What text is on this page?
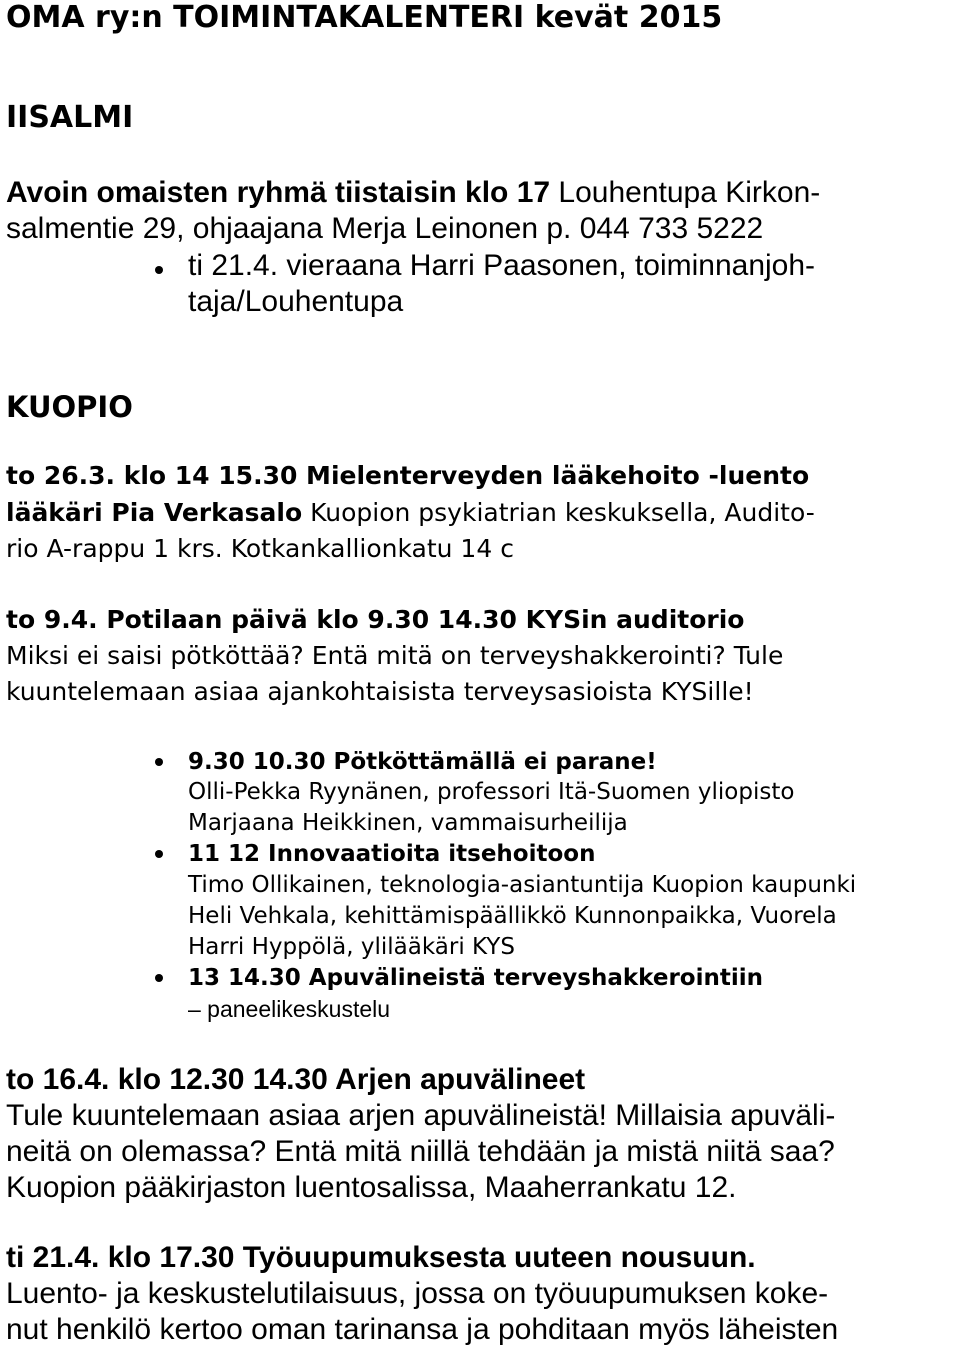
OMA ry:n TOIMINTAKALENTERI kevät 2015
IISALMI
Avoin omaisten ryhmä tiistaisin klo 17 Louhentupa Kirkon-
salmentie 29, ohjaajana Merja Leinonen p. 044 733 5222
ti 21.4. vieraana Harri Paasonen, toiminnanjoh-
taja/Louhentupa
KUOPIO
to 26.3. klo 14 15.30 Mielenterveyden lääkehoito -luento
lääkäri Pia Verkasalo Kuopion psykiatrian keskuksella, Audito-
rio A-rappu 1 krs. Kotkankallionkatu 14 c
to 9.4. Potilaan päivä klo 9.30 14.30 KYSin auditorio
Miksi ei saisi pötköttää? Entä mitä on terveyshakkerointi? Tule
kuuntelemaan asiaa ajankohtaisista terveysasioista KYSille!
9.30 10.30 Pötköttämällä ei parane!
Olli-Pekka Ryynänen, professori Itä-Suomen yliopisto
Marjaana Heikkinen, vammaisurheilija
11 12 Innovaatioita itsehoitoon
Timo Ollikainen, teknologia-asiantuntija Kuopion kaupunki
Heli Vehkala, kehittämispäällikkö Kunnonpaikka, Vuorela
Harri Hyppölä, ylilääkäri KYS
13 14.30 Apuvälineistä terveyshakkerointiin
– paneelikeskustelu
to 16.4. klo 12.30 14.30 Arjen apuvälineet
Tule kuuntelemaan asiaa arjen apuvälineistä! Millaisia apuväli-
neitä on olemassa? Entä mitä niillä tehdään ja mistä niitä saa?
Kuopion pääkirjaston luentosalissa, Maaherrankatu 12.
ti 21.4. klo 17.30 Työuupumuksesta uuteen nousuun.
Luento- ja keskustelutilaisuus, jossa on työuupumuksen koke-
nut henkilö kertoo oman tarinansa ja pohditaan myös läheisten
